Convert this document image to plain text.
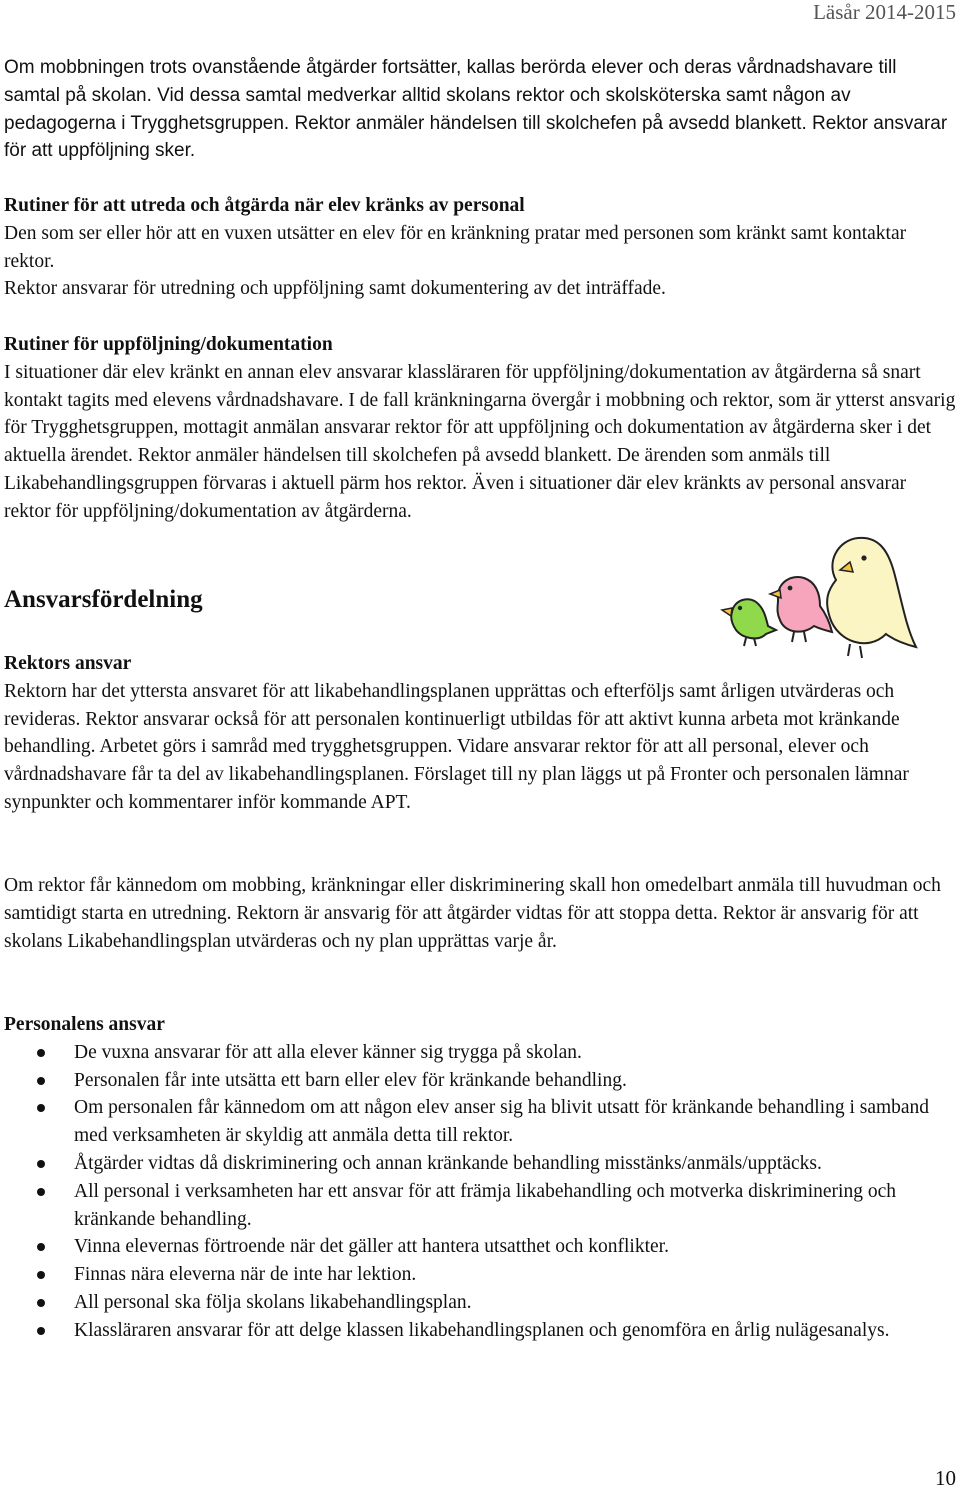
Läsår 2014-2015

Om mobbningen trots ovanstående åtgärder fortsätter, kallas berörda elever och deras vårdnadshavare till samtal på skolan. Vid dessa samtal medverkar alltid skolans rektor och skolsköterska samt någon av pedagogerna i Trygghetsgruppen. Rektor anmäler händelsen till skolchefen på avsedd blankett. Rektor ansvarar för att uppföljning sker.

Rutiner för att utreda och åtgärda när elev kränks av personal

Den som ser eller hör att en vuxen utsätter en elev för en kränkning pratar med personen som kränkt samt kontaktar rektor.

Rektor ansvarar för utredning och uppföljning samt dokumentering av det inträffade.

Rutiner för uppföljning/dokumentation

I situationer där elev kränkt en annan elev ansvarar klassläraren för uppföljning/dokumentation av åtgärderna så snart kontakt tagits med elevens vårdnadshavare. I de fall kränkningarna övergår i mobbning och rektor, som är ytterst ansvarig för Trygghetsgruppen, mottagit anmälan ansvarar rektor för att uppföljning och dokumentation av åtgärderna sker i det aktuella ärendet. Rektor anmäler händelsen till skolchefen på avsedd blankett. De ärenden som anmäls till Likabehandlingsgruppen förvaras i aktuell pärm hos rektor. Även i situationer där elev kränkts av personal ansvarar rektor för uppföljning/dokumentation av åtgärderna.

Ansvarsfördelning
Rektors ansvar

Rektorn har det yttersta ansvaret för att likabehandlingsplanen upprättas och efterföljs samt årligen utvärderas och revideras. Rektor ansvarar också för att personalen kontinuerligt utbildas för att aktivt kunna arbeta mot kränkande behandling. Arbetet görs i samråd med trygghetsgruppen. Vidare ansvarar rektor för att all personal, elever och vårdnadshavare får ta del av likabehandlingsplanen. Förslaget till ny plan läggs ut på Fronter och personalen lämnar synpunkter och kommentarer inför kommande APT.

Om rektor får kännedom om mobbing, kränkningar eller diskriminering skall hon omedelbart anmäla till huvudman och samtidigt starta en utredning. Rektorn är ansvarig för att åtgärder vidtas för att stoppa detta. Rektor är ansvarig för att skolans Likabehandlingsplan utvärderas och ny plan upprättas varje år.

Personalens ansvar
De vuxna ansvarar för att alla elever känner sig trygga på skolan.
Personalen får inte utsätta ett barn eller elev för kränkande behandling.
Om personalen får kännedom om att någon elev anser sig ha blivit utsatt för kränkande behandling i samband med verksamheten är skyldig att anmäla detta till rektor.
Åtgärder vidtas då diskriminering och annan kränkande behandling misstänks/anmäls/upptäcks.
All personal i verksamheten har ett ansvar för att främja likabehandling och motverka diskriminering och kränkande behandling.
Vinna elevernas förtroende när det gäller att hantera utsatthet och konflikter.
Finnas nära eleverna när de inte har lektion.
All personal ska följa skolans likabehandlingsplan.
Klassläraren ansvarar för att delge klassen likabehandlingsplanen och genomföra en årlig nulägesanalys.
10
